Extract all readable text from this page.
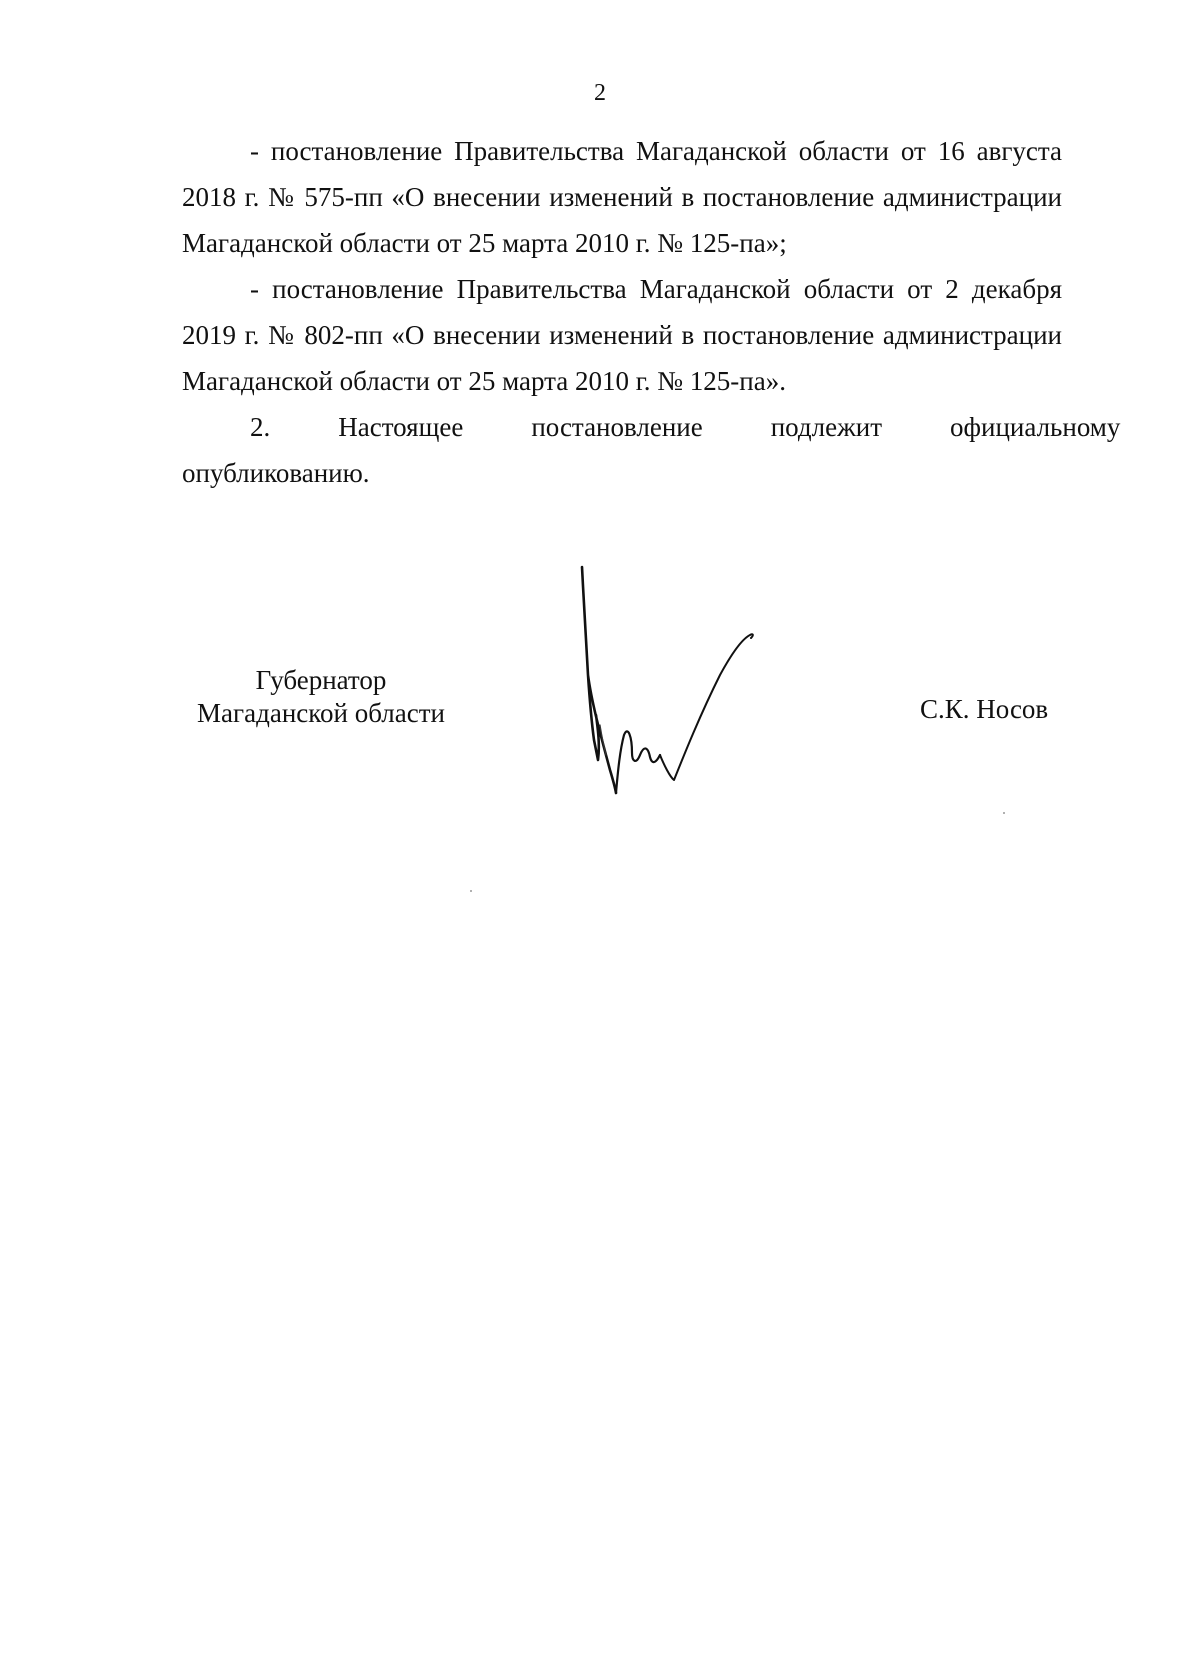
2

- постановление Правительства Магаданской области от 16 августа 2018 г. № 575-пп «О внесении изменений в постановление администрации Магаданской области от 25 марта 2010 г. № 125-па»;

- постановление Правительства Магаданской области от 2 декабря 2019 г. № 802-пп «О внесении изменений в постановление администрации Магаданской области от 25 марта 2010 г. № 125-па».

2.	Настоящее	постановление	подлежит	официальному

опубликованию.

Губернатор
Магаданской области	С.К. Носов
